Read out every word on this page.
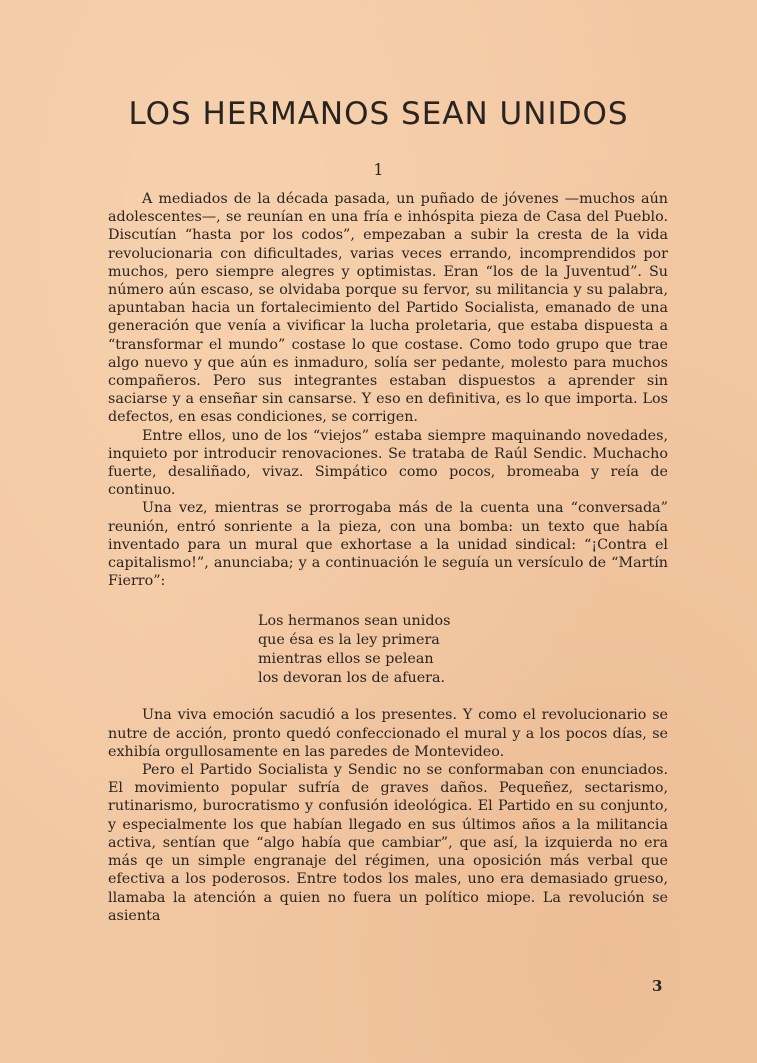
LOS HERMANOS SEAN UNIDOS
1

A mediados de la década pasada, un puñado de jóvenes —muchos aún adolescentes—, se reunían en una fría e inhóspita pieza de Casa del Pueblo. Discutían “hasta por los codos”, empezaban a subir la cresta de la vida revolucionaria con dificultades, varias veces errando, incomprendidos por muchos, pero siempre alegres y optimistas. Eran “los de la Juventud”. Su número aún escaso, se olvidaba porque su fervor, su militancia y su palabra, apuntaban hacia un fortalecimiento del Partido Socialista, emanado de una generación que venía a vivificar la lucha proletaria, que estaba dispuesta a “transformar el mundo” costase lo que costase. Como todo grupo que trae algo nuevo y que aún es inmaduro, solía ser pedante, molesto para muchos compañeros. Pero sus integrantes estaban dispuestos a aprender sin saciarse y a enseñar sin cansarse. Y eso en definitiva, es lo que importa. Los defectos, en esas condiciones, se corrigen.

Entre ellos, uno de los “viejos” estaba siempre maquinando novedades, inquieto por introducir renovaciones. Se trataba de Raúl Sendic. Muchacho fuerte, desaliñado, vivaz. Simpático como pocos, bromeaba y reía de continuo.

Una vez, mientras se prorrogaba más de la cuenta una “conversada” reunión, entró sonriente a la pieza, con una bomba: un texto que había inventado para un mural que exhortase a la unidad sindical: “¡Contra el capitalismo!”, anunciaba; y a continuación le seguía un versículo de “Martín Fierro”:

Los hermanos sean unidos
que ésa es la ley primera
mientras ellos se pelean
los devoran los de afuera.

Una viva emoción sacudió a los presentes. Y como el revolucionario se nutre de acción, pronto quedó confeccionado el mural y a los pocos días, se exhibía orgullosamente en las paredes de Montevideo.

Pero el Partido Socialista y Sendic no se conformaban con enunciados. El movimiento popular sufría de graves daños. Pequeñez, sectarismo, rutinarismo, burocratismo y confusión ideológica. El Partido en su conjunto, y especialmente los que habían llegado en sus últimos años a la militancia activa, sentían que “algo había que cambiar”, que así, la izquierda no era más qe un simple engranaje del régimen, una oposición más verbal que efectiva a los poderosos. Entre todos los males, uno era demasiado grueso, llamaba la atención a quien no fuera un político miope. La revolución se asienta

3
